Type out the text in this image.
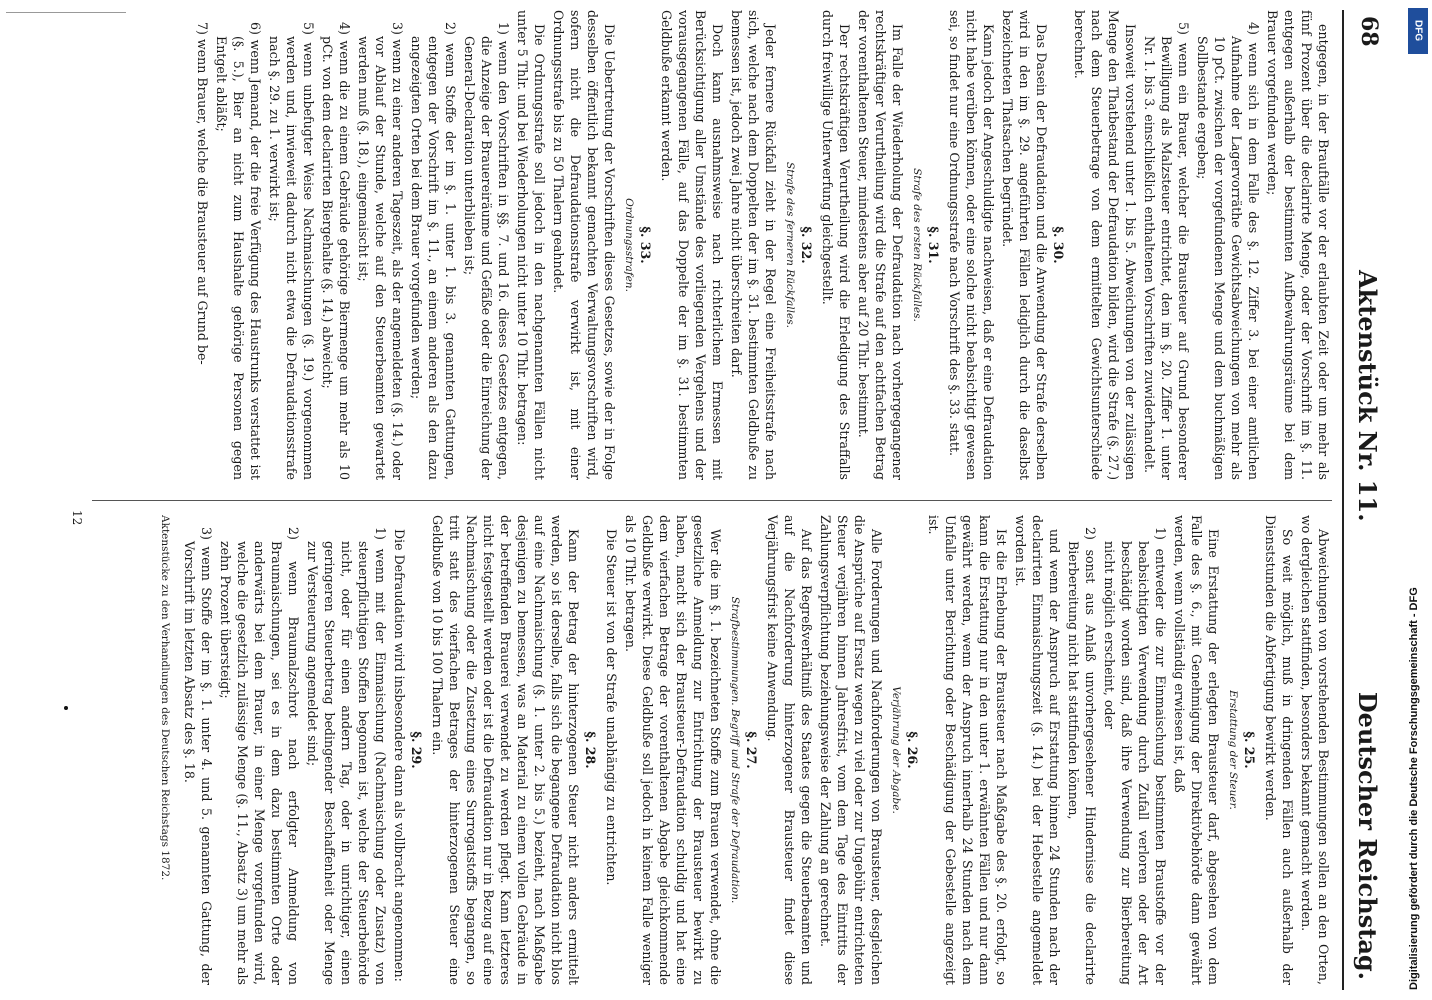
68
Aktenstück Nr. 11.
Deutscher Reichstag.

entgegen, in der Brauftälle vor der erlaubten Zeit oder um mehr als fünf Prozent über die declarirte Menge, oder der Vorschrift im §. 11. entgegen außerhalb der bestimmten Aufbewahrungsräume bei dem Brauer vorgefunden werden;

4) wenn sich in dem Falle des §. 12. Ziffer 3. bei einer amtlichen Aufnahme der Lagervorräthe Gewichtsabweichungen von mehr als 10 pCt. zwischen der vorgefundenen Menge und dem buchmäßigen Sollbestande ergeben;

5) wenn ein Brauer, welcher die Brausteuer auf Grund besonderer Bewilligung als Malzsteuer entrichtet, den im §. 20. Ziffer 1. unter Nr. 1. bis 3. einschließlich enthaltenen Vorschriften zuwiderhandelt.

Insoweit vorstehend unter 1. bis 5. Abweichungen von der zulässigen Menge den Thatbestand der Defraudation bilden, wird die Strafe (§. 27.) nach dem Steuerbetrage von dem ermittelten Gewichtsunterschiede berechnet.

§. 30.

Das Dasein der Defraudation und die Anwendung der Strafe derselben wird in den im §. 29. angeführten Fällen lediglich durch die daselbst bezeichneten Thatsachen begründet.

Kann jedoch der Angeschuldigte nachweisen, daß er eine Defraudation nicht habe verüben können, oder eine solche nicht beabsichtigt gewesen sei, so findet nur eine Ordnungsstrafe nach Vorschrift des §. 33. statt.

§. 31.

Strafe des ersten Rückfalles.

Im Falle der Wiederholung der Defraudation nach vorhergegangener rechtskräftiger Verurtheilung wird die Strafe auf den achtfachen Betrag der vorenthaltenen Steuer, mindestens aber auf 20 Thlr. bestimmt.

Der rechtskräftigen Verurtheilung wird die Erledigung des Straffalls durch freiwillige Unterwerfung gleichgestellt.

§. 32.

Strafe des ferneren Rückfalles.

Jeder fernere Rückfall zieht in der Regel eine Freiheitsstrafe nach sich, welche nach dem Doppelten der im §. 31. bestimmten Geldbuße zu bemessen ist, jedoch zwei Jahre nicht überschreiten darf.

Doch kann ausnahmsweise nach richterlichem Ermessen mit Berücksichtigung aller Umstände des vorliegenden Vergehens und der vorausgegangenen Fälle, auf das Doppelte der im §. 31. bestimmten Geldbuße erkannt werden.

§. 33.

Ordnungsstrafen.

Die Uebertretung der Vorschriften dieses Gesetzes, sowie der in Folge desselben öffentlich bekannt gemachten Verwaltungsvorschriften wird, sofern nicht die Defraudationsstrafe verwirkt ist, mit einer Ordnungsstrafe bis zu 50 Thalern geahndet.

Die Ordnungsstrafe soll jedoch in den nachgenannten Fällen nicht unter 5 Thlr. und bei Wiederholungen nicht unter 10 Thlr. betragen:

1) wenn den Vorschriften in §§. 7. und 16. dieses Gesetzes entgegen, die Anzeige der Brauereiräume und Gefäße oder die Einreichung der General-Declaration unterblieben ist;

2) wenn Stoffe der im §. 1. unter 1. bis 3. genannten Gattungen, entgegen der Vorschrift im §. 11., an einem anderen als den dazu angezeigten Orten bei dem Brauer vorgefunden werden;

3) wenn zu einer anderen Tageszeit, als der angemeldeten (§. 14.) oder vor Ablauf der Stunde, welche auf den Steuerbeamten gewartet werden muß (§. 18.), eingemaischt ist;

4) wenn die zu einem Gebräude gehörige Biermenge um mehr als 10 pCt. von dem declarirten Biergehalte (§. 14.) abweicht;

5) wenn unbefugter Weise Nachmaischungen (§. 19.) vorgenommen werden und, inwieweit dadurch nicht etwa die Defraudationsstrafe nach §. 29. zu 1. verwirkt ist;

6) wenn Jemand, der die freie Verfügung des Haustrunks verstattet ist (§. 5.), Bier an nicht zum Haushalte gehörige Personen gegen Entgelt abläßt;

7) wenn Brauer, welche die Brausteuer auf Grund be-

Abweichungen von vorstehenden Bestimmungen sollen an den Orten, wo dergleichen stattfinden, besonders bekannt gemacht werden.

So weit möglich, muß in dringenden Fällen auch außerhalb der Dienststunden die Abfertigung bewirkt werden.

§. 25.

Erstattung der Steuer.

Eine Erstattung der erlegten Brausteuer darf, abgesehen von dem Falle des §. 6., mit Genehmigung der Direktivbehörde dann gewährt werden, wenn vollständig erwiesen ist, daß

1) entweder die zur Einmaischung bestimmten Braustoffe vor der beabsichtigten Verwendung durch Zufall verloren oder der Art beschädigt worden sind, daß ihre Verwendung zur Bierbereitung nicht möglich erscheint, oder

2) sonst aus Anlaß unvorhergesehener Hindernisse die declarirte Bierbereitung nicht hat stattfinden können,

und wenn der Anspruch auf Erstattung binnen 24 Stunden nach der declarirten Einmaischungszeit (§. 14.) bei der Hebestelle angemeldet worden ist.

Ist die Erhebung der Brausteuer nach Maßgabe des §. 20. erfolgt, so kann die Erstattung nur in den unter 1. erwähnten Fällen und nur dann gewährt werden, wenn der Anspruch innerhalb 24 Stunden nach dem Unfalle unter Berichtung oder Beschädigung der Gebestelle angezeigt ist.

§. 26.

Verjährung der Abgabe.

Alle Forderungen und Nachforderungen von Brausteuer, desgleichen die Ansprüche auf Ersatz wegen zu viel oder zur Ungebühr entrichteten Steuer verjähren binnen Jahresfrist, vom dem Tage des Eintritts der Zahlungsverpflichtung beziehungsweise der Zahlung an gerechnet.

Auf das Regreßverhältniß des Staates gegen die Steuerbeamten und auf die Nachforderung hinterzogener Brausteuer findet diese Verjährungsfrist keine Anwendung.

§. 27.

Strafbestimmungen. Begriff und Strafe der Defraudation.

Wer die im §. 1. bezeichneten Stoffe zum Brauen verwendet, ohne die gesetzliche Anmeldung zur Entrichtung der Brausteuer bewirkt zu haben, macht sich der Brausteuer-Defraudation schuldig und hat eine dem vierfachen Betrage der vorenthaltenen Abgabe gleichkommende Geldbuße verwirkt. Diese Geldbuße soll jedoch in keinem Falle weniger als 10 Thlr. betragen.

Die Steuer ist von der Strafe unabhängig zu entrichten.

§. 28.

Kann der Betrag der hinterzogenen Steuer nicht anders ermittelt werden, so ist derselbe, falls sich die begangene Defraudation nicht blos auf eine Nachmaischung (§. 1. unter 2. bis 5.) bezieht, nach Maßgabe desjenigen zu bemessen, was an Material zu einem vollen Gebräude in der betreffenden Brauerei verwendet zu werden pflegt. Kann letzteres nicht festgestellt werden oder ist die Defraudation nur in Bezug auf eine Nachmaischung oder die Zusetzung eines Surrogatstoffs begangen, so tritt statt des vierfachen Betrages der hinterzogenen Steuer eine Geldbuße von 10 bis 100 Thalern ein.

§. 29.

Die Defraudation wird insbesondere dann als vollbracht angenommen:

1) wenn mit der Einmaischung (Nachmaischung oder Zusatz) von steuerpflichtigen Stoffen begonnen ist, welche der Steuerbehörde nicht, oder für einen andern Tag, oder in unrichtiger, einen geringeren Steuerbetrag bedingender Beschaffenheit oder Menge zur Versteuerung angemeldet sind;

2) wenn Braumalzschrot nach erfolgter Anmeldung von Braumaischungen, sei es in dem dazu bestimmten Orte oder anderwärts bei dem Brauer, in einer Menge vorgefunden wird, welche die gesetzlich zulässige Menge (§. 11., Absatz 3) um mehr als zehn Prozent übersteigt;

3) wenn Stoffe der im §. 1. unter 4. und 5. genannten Gattung, der Vorschrift im letzten Absatz des §. 18.

Aktenstücke zu den Verhandlungen des Deutschen Reichstags 1872.

12
Digitalisierung gefördert durch die Deutsche Forschungsgemeinschaft - DFG
DFG
